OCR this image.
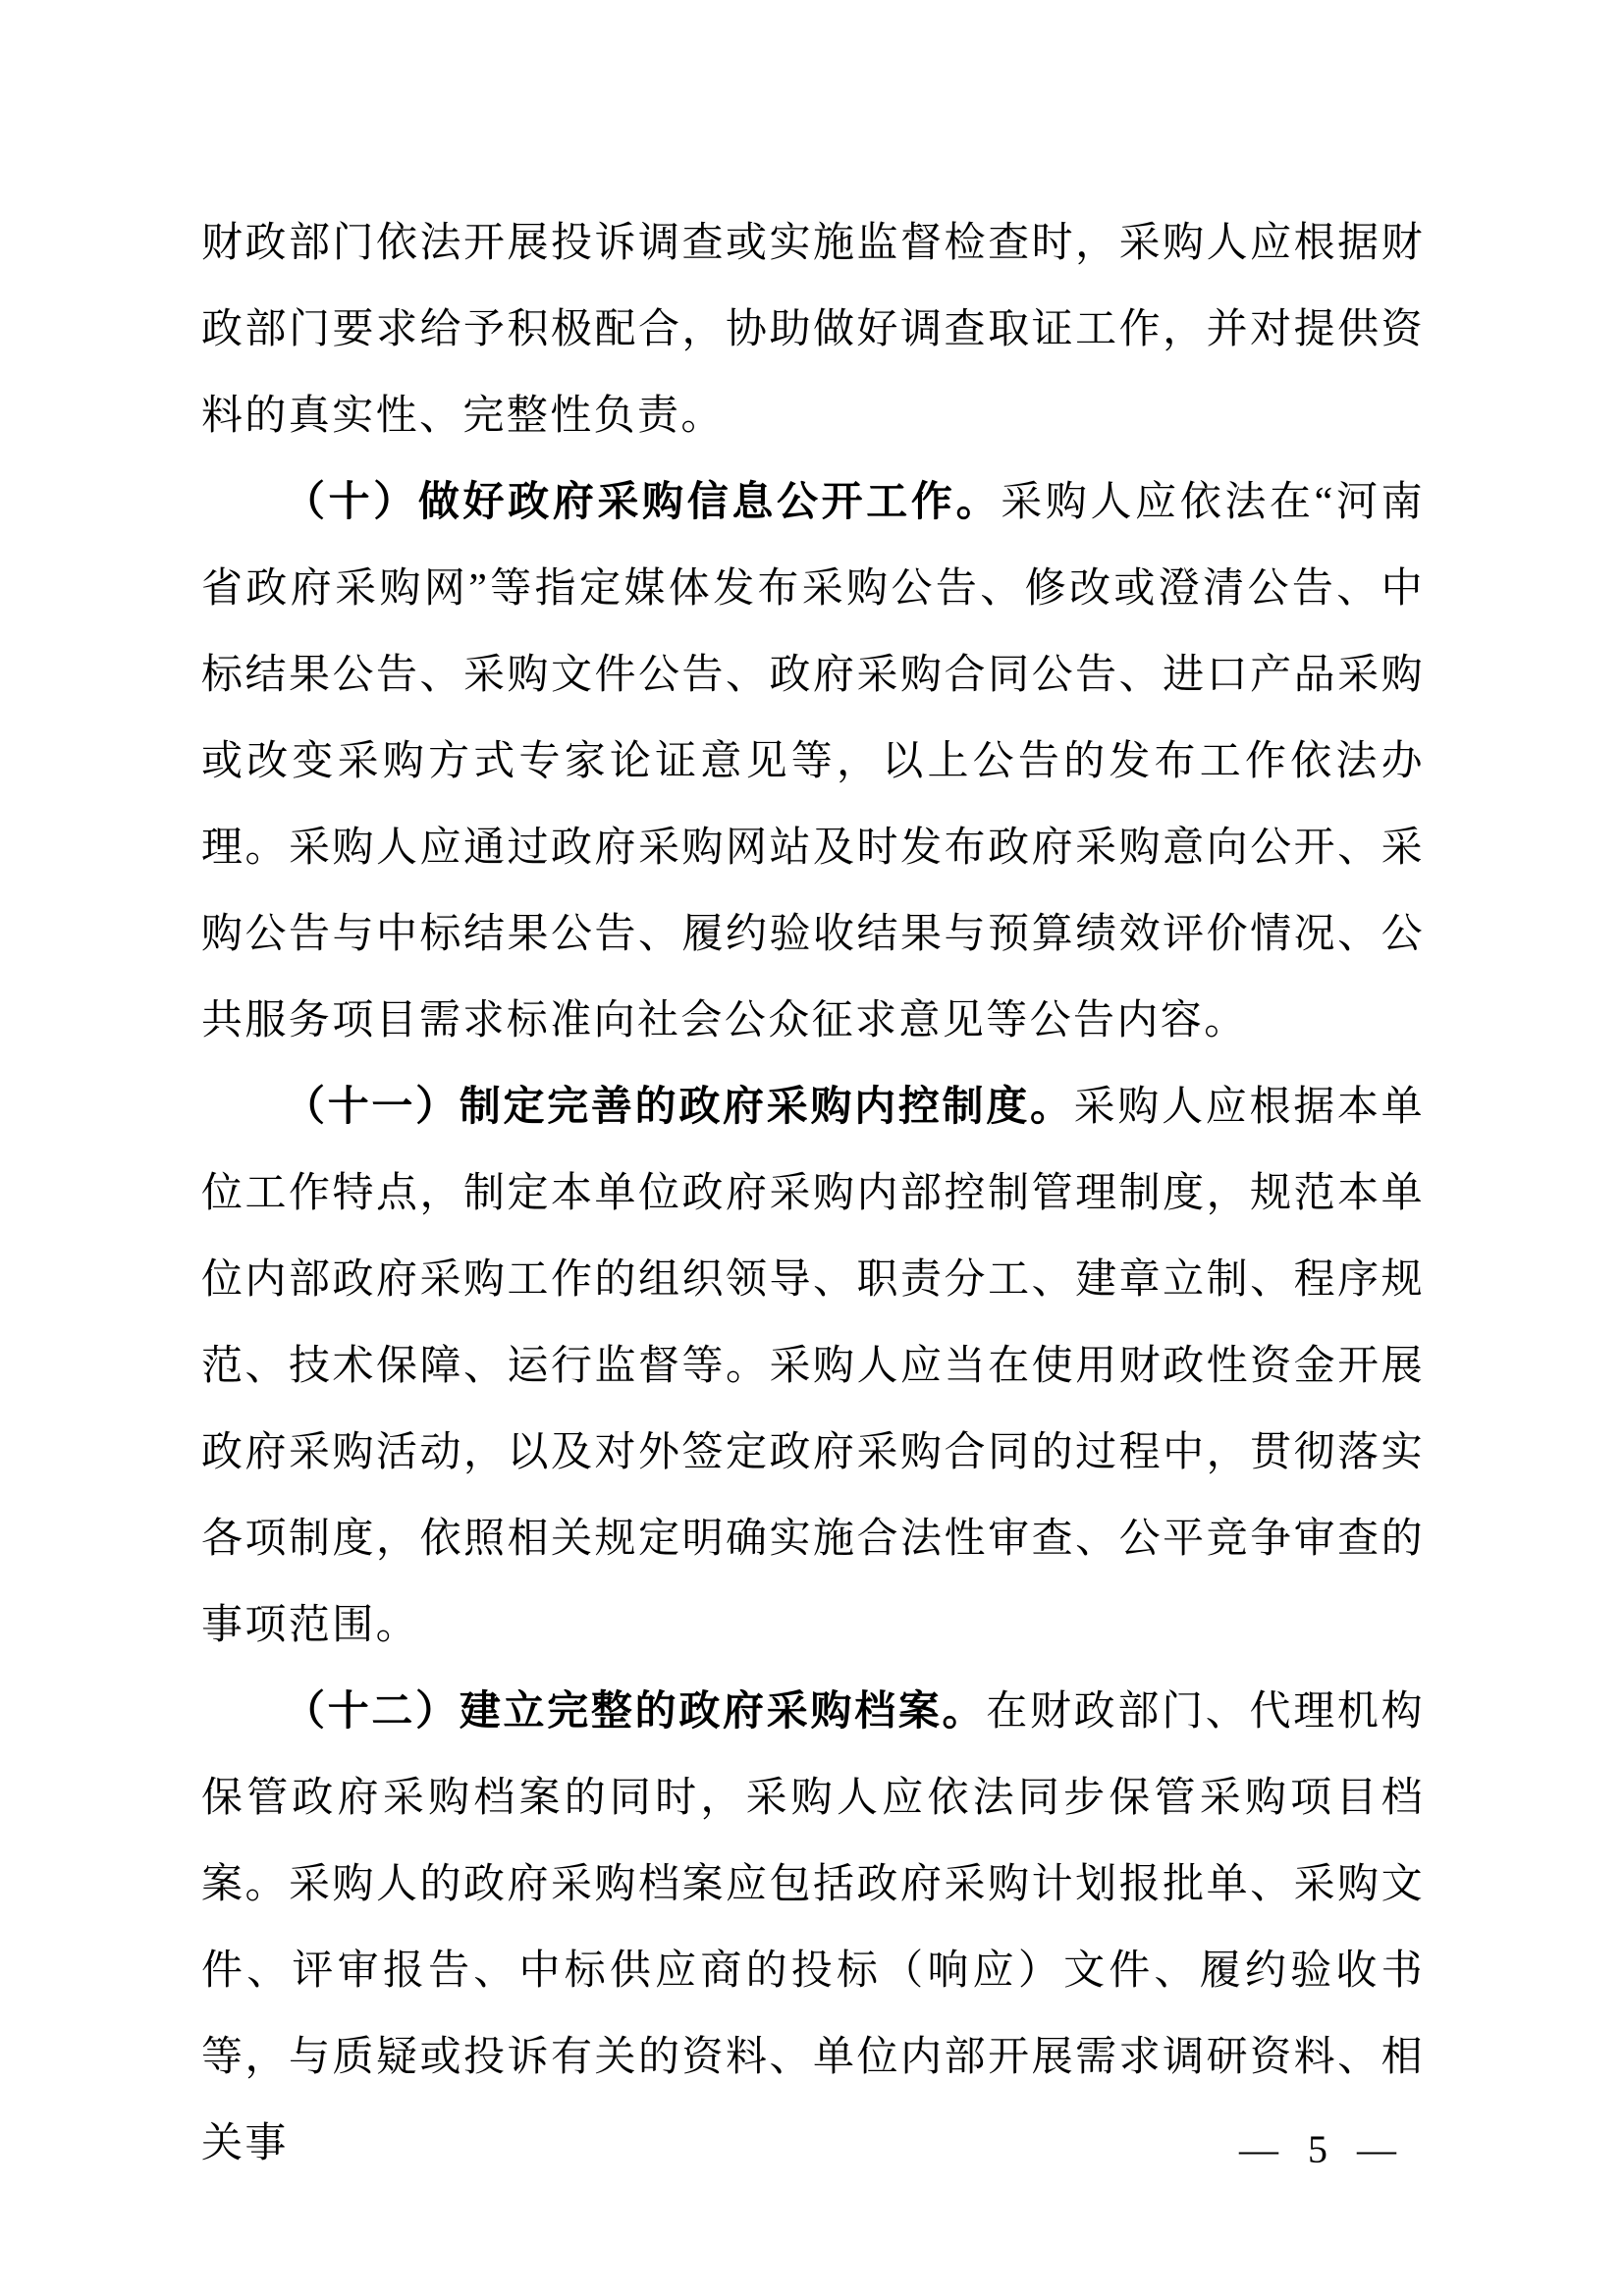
财政部门依法开展投诉调查或实施监督检查时，采购人应根据财政部门要求给予积极配合，协助做好调查取证工作，并对提供资料的真实性、完整性负责。

（十）做好政府采购信息公开工作。采购人应依法在“河南省政府采购网”等指定媒体发布采购公告、修改或澄清公告、中标结果公告、采购文件公告、政府采购合同公告、进口产品采购或改变采购方式专家论证意见等，以上公告的发布工作依法办理。采购人应通过政府采购网站及时发布政府采购意向公开、采购公告与中标结果公告、履约验收结果与预算绩效评价情况、公共服务项目需求标准向社会公众征求意见等公告内容。

（十一）制定完善的政府采购内控制度。采购人应根据本单位工作特点，制定本单位政府采购内部控制管理制度，规范本单位内部政府采购工作的组织领导、职责分工、建章立制、程序规范、技术保障、运行监督等。采购人应当在使用财政性资金开展政府采购活动，以及对外签定政府采购合同的过程中，贯彻落实各项制度，依照相关规定明确实施合法性审查、公平竞争审查的事项范围。

（十二）建立完整的政府采购档案。在财政部门、代理机构保管政府采购档案的同时，采购人应依法同步保管采购项目档案。采购人的政府采购档案应包括政府采购计划报批单、采购文件、评审报告、中标供应商的投标（响应）文件、履约验收书等，与质疑或投诉有关的资料、单位内部开展需求调研资料、相关事	— 5 —
